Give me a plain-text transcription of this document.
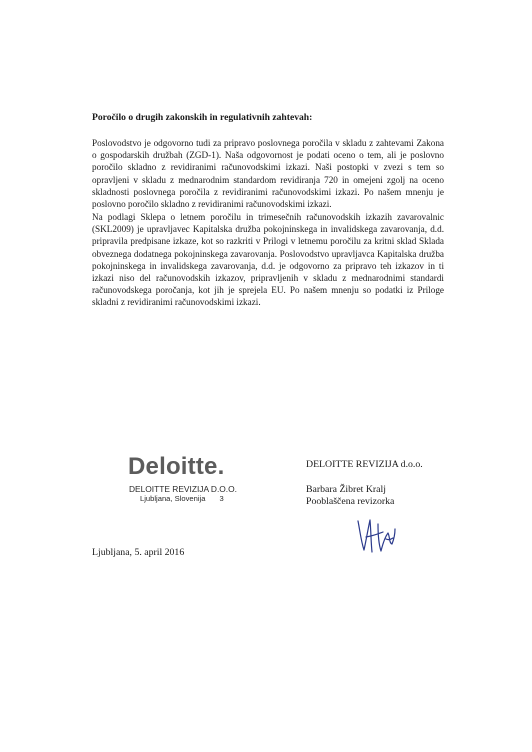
Poročilo o drugih zakonskih in regulativnih zahtevah:

Poslovodstvo je odgovorno tudi za pripravo poslovnega poročila v skladu z zahtevami Zakona o gospodarskih družbah (ZGD-1). Naša odgovornost je podati oceno o tem, ali je poslovno poročilo skladno z revidiranimi računovodskimi izkazi. Naši postopki v zvezi s tem so opravljeni v skladu z mednarodnim standardom revidiranja 720 in omejeni zgolj na oceno skladnosti poslovnega poročila z revidiranimi računovodskimi izkazi. Po našem mnenju je poslovno poročilo skladno z revidiranimi računovodskimi izkazi.

Na podlagi Sklepa o letnem poročilu in trimesečnih računovodskih izkazih zavarovalnic (SKL2009) je upravljavec Kapitalska družba pokojninskega in invalidskega zavarovanja, d.d. pripravila predpisane izkaze, kot so razkriti v Prilogi v letnemu poročilu za kritni sklad Sklada obveznega dodatnega pokojninskega zavarovanja. Poslovodstvo upravljavca Kapitalska družba pokojninskega in invalidskega zavarovanja, d.d. je odgovorno za pripravo teh izkazov in ti izkazi niso del računovodskih izkazov, pripravljenih v skladu z mednarodnimi standardi računovodskega poročanja, kot jih je sprejela EU. Po našem mnenju so podatki iz Priloge skladni z revidiranimi računovodskimi izkazi.

Deloitte.
DELOITTE REVIZIJA D.O.O.
Ljubljana, Slovenija 3
DELOITTE REVIZIJA d.o.o.
Barbara Žibret Kralj
Pooblaščena revizorka
Ljubljana, 5. april 2016
